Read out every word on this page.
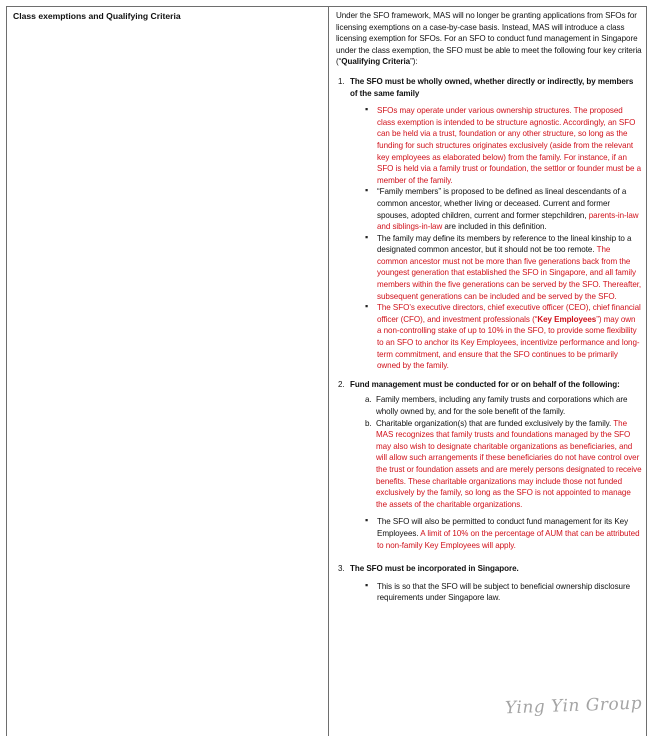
Class exemptions and Qualifying Criteria	Under the SFO framework, MAS will no longer be granting applications from SFOs for licensing exemptions on a case-by-case basis. Instead, MAS will introduce a class licensing exemption for SFOs. For an SFO to conduct fund management in Singapore under the class exemption, the SFO must be able to meet the following four key criteria (“Qualifying Criteria”):

1. The SFO must be wholly owned, whether directly or indirectly, by members of the same family
▪ SFOs may operate under various ownership structures. The proposed class exemption is intended to be structure agnostic. Accordingly, an SFO can be held via a trust, foundation or any other structure, so long as the funding for such structures originates exclusively (aside from the relevant key employees as elaborated below) from the family. For instance, if an SFO is held via a family trust or foundation, the settlor or founder must be a member of the family.
▪ “Family members” is proposed to be defined as lineal descendants of a common ancestor, whether living or deceased. Current and former spouses, adopted children, current and former stepchildren, parents-in-law and siblings-in-law are included in this definition.
▪ The family may define its members by reference to the lineal kinship to a designated common ancestor, but it should not be too remote. The common ancestor must not be more than five generations back from the youngest generation that established the SFO in Singapore, and all family members within the five generations can be served by the SFO. Thereafter, subsequent generations can be included and be served by the SFO.
▪ The SFO’s executive directors, chief executive officer (CEO), chief financial officer (CFO), and investment professionals (“Key Employees”) may own a non-controlling stake of up to 10% in the SFO, to provide some flexibility to an SFO to anchor its Key Employees, incentivize performance and long-term commitment, and ensure that the SFO continues to be primarily owned by the family.
2. Fund management must be conducted for or on behalf of the following:
a. Family members, including any family trusts and corporations which are wholly owned by, and for the sole benefit of the family.
b. Charitable organization(s) that are funded exclusively by the family. The MAS recognizes that family trusts and foundations managed by the SFO may also wish to designate charitable organizations as beneficiaries, and will allow such arrangements if these beneficiaries do not have control over the trust or foundation assets and are merely persons designated to receive benefits. These charitable organizations may include those not funded exclusively by the family, so long as the SFO is not appointed to manage the assets of the charitable organizations.
▪ The SFO will also be permitted to conduct fund management for its Key Employees. A limit of 10% on the percentage of AUM that can be attributed to non-family Key Employees will apply.
3. The SFO must be incorporated in Singapore.
▪ This is so that the SFO will be subject to beneficial ownership disclosure requirements under Singapore law.
Ying Yin Group
